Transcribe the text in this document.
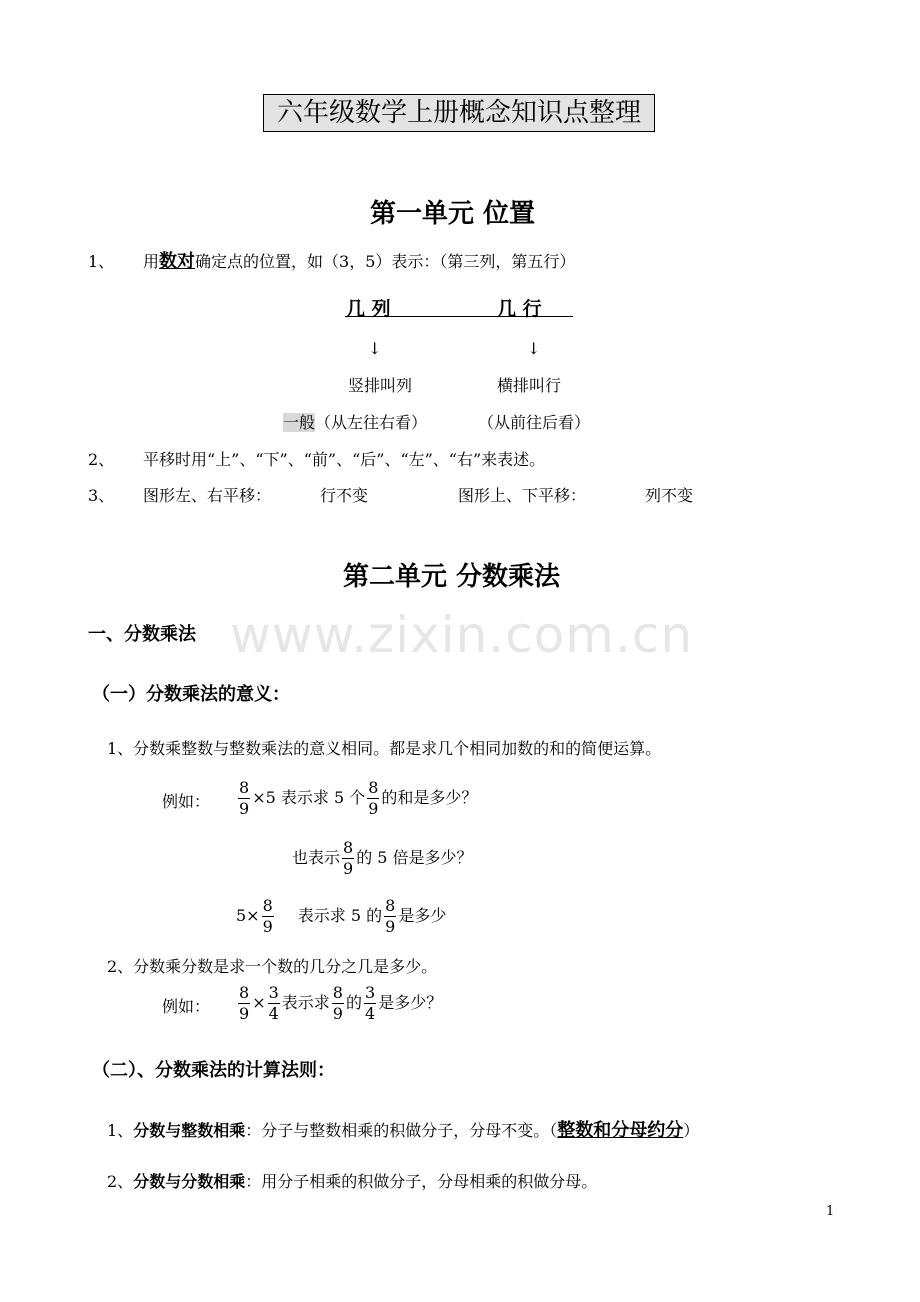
六年级数学上册概念知识点整理
第一单元 位置
1、 用数对确定点的位置，如（3，5）表示：（第三列，第五行）
几 列	几 行
↓	↓
竖排叫列	横排叫行
一般（从左往右看）	（从前往后看）
2、 平移时用“上”、“下”、“前”、“后”、“左”、“右”来表述。
3、 图形左、右平移：	行不变	图形上、下平移：	列不变
第二单元 分数乘法
www.zixin.com.cn
一、分数乘法
（一）分数乘法的意义：
1、分数乘整数与整数乘法的意义相同。都是求几个相同加数的和的简便运算。
例如： $\frac{8}{9} \times 5$ 表示求 5 个 $\frac{8}{9}$ 的和是多少？
也表示 $\frac{8}{9}$ 的 5 倍是多少？
$5\times \frac{8}{9}$ 表示求 5 的 $\frac{8}{9}$ 是多少
2、分数乘分数是求一个数的几分之几是多少。
例如： $\frac{8}{9} \times \frac{3}{4}$ 表示求 $\frac{8}{9}$ 的 $\frac{3}{4}$ 是多少？
（二）、分数乘法的计算法则：
1、分数与整数相乘：分子与整数相乘的积做分子，分母不变。（整数和分母约分）
2、分数与分数相乘：用分子相乘的积做分子，分母相乘的积做分母。
1
